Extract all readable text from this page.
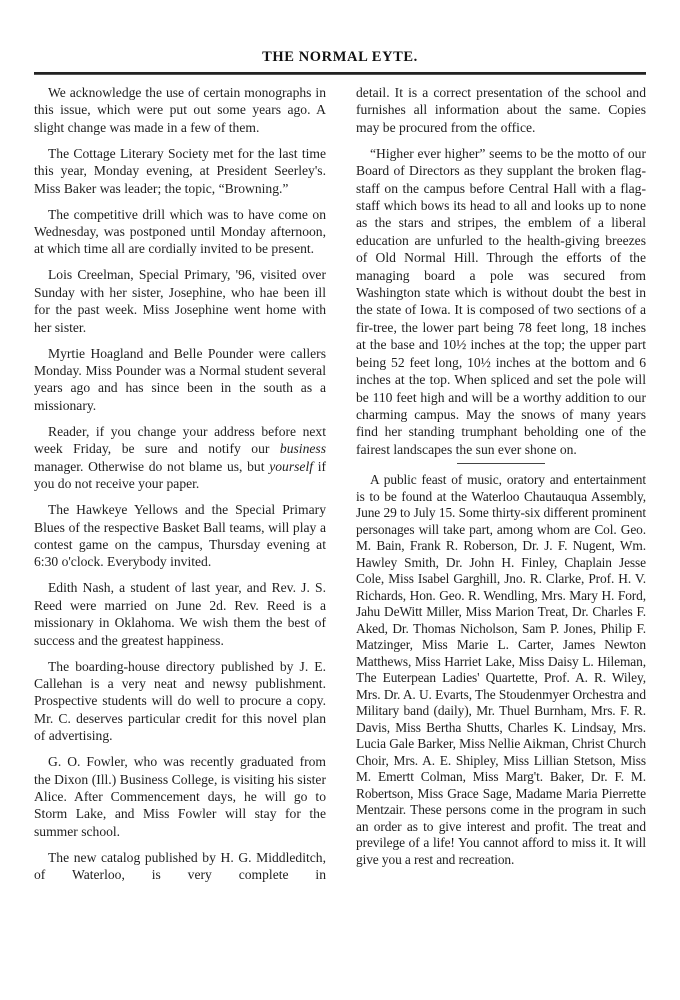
THE NORMAL EYTE.

We acknowledge the use of certain monographs in this issue, which were put out some years ago. A slight change was made in a few of them.

The Cottage Literary Society met for the last time this year, Monday evening, at President Seerley's. Miss Baker was leader; the topic, “Browning.”

The competitive drill which was to have come on Wednesday, was postponed until Monday afternoon, at which time all are cordially invited to be present.

Lois Creelman, Special Primary, '96, visited over Sunday with her sister, Josephine, who hae been ill for the past week. Miss Josephine went home with her sister.

Myrtie Hoagland and Belle Pounder were callers Monday. Miss Pounder was a Normal student several years ago and has since been in the south as a missionary.

Reader, if you change your address before next week Friday, be sure and notify our business manager. Otherwise do not blame us, but yourself if you do not receive your paper.

The Hawkeye Yellows and the Special Primary Blues of the respective Basket Ball teams, will play a contest game on the campus, Thursday evening at 6:30 o'clock. Everybody invited.

Edith Nash, a student of last year, and Rev. J. S. Reed were married on June 2d. Rev. Reed is a missionary in Oklahoma. We wish them the best of success and the greatest happiness.

The boarding-house directory published by J. E. Callehan is a very neat and newsy publishment. Prospective students will do well to procure a copy. Mr. C. deserves particular credit for this novel plan of advertising.

G. O. Fowler, who was recently graduated from the Dixon (Ill.) Business College, is visiting his sister Alice. After Commencement days, he will go to Storm Lake, and Miss Fowler will stay for the summer school.

The new catalog published by H. G. Middleditch, of Waterloo, is very complete in

detail. It is a correct presentation of the school and furnishes all information about the same. Copies may be procured from the office.

“Higher ever higher” seems to be the motto of our Board of Directors as they supplant the broken flag-staff on the campus before Central Hall with a flag-staff which bows its head to all and looks up to none as the stars and stripes, the emblem of a liberal education are unfurled to the health-giving breezes of Old Normal Hill. Through the efforts of the managing board a pole was secured from Washington state which is without doubt the best in the state of Iowa. It is composed of two sections of a fir-tree, the lower part being 78 feet long, 18 inches at the base and 10½ inches at the top; the upper part being 52 feet long, 10½ inches at the bottom and 6 inches at the top. When spliced and set the pole will be 110 feet high and will be a worthy addition to our charming campus. May the snows of many years find her standing trumphant beholding one of the fairest landscapes the sun ever shone on.

A public feast of music, oratory and entertainment is to be found at the Waterloo Chautauqua Assembly, June 29 to July 15. Some thirty-six different prominent personages will take part, among whom are Col. Geo. M. Bain, Frank R. Roberson, Dr. J. F. Nugent, Wm. Hawley Smith, Dr. John H. Finley, Chaplain Jesse Cole, Miss Isabel Garghill, Jno. R. Clarke, Prof. H. V. Richards, Hon. Geo. R. Wendling, Mrs. Mary H. Ford, Jahu DeWitt Miller, Miss Marion Treat, Dr. Charles F. Aked, Dr. Thomas Nicholson, Sam P. Jones, Philip F. Matzinger, Miss Marie L. Carter, James Newton Matthews, Miss Harriet Lake, Miss Daisy L. Hileman, The Euterpean Ladies' Quartette, Prof. A. R. Wiley, Mrs. Dr. A. U. Evarts, The Stoudenmyer Orchestra and Military band (daily), Mr. Thuel Burnham, Mrs. F. R. Davis, Miss Bertha Shutts, Charles K. Lindsay, Mrs. Lucia Gale Barker, Miss Nellie Aikman, Christ Church Choir, Mrs. A. E. Shipley, Miss Lillian Stetson, Miss M. Emertt Colman, Miss Marg't. Baker, Dr. F. M. Robertson, Miss Grace Sage, Madame Maria Pierrette Mentzair. These persons come in the program in such an order as to give interest and profit. The treat and previlege of a life! You cannot afford to miss it. It will give you a rest and recreation.
